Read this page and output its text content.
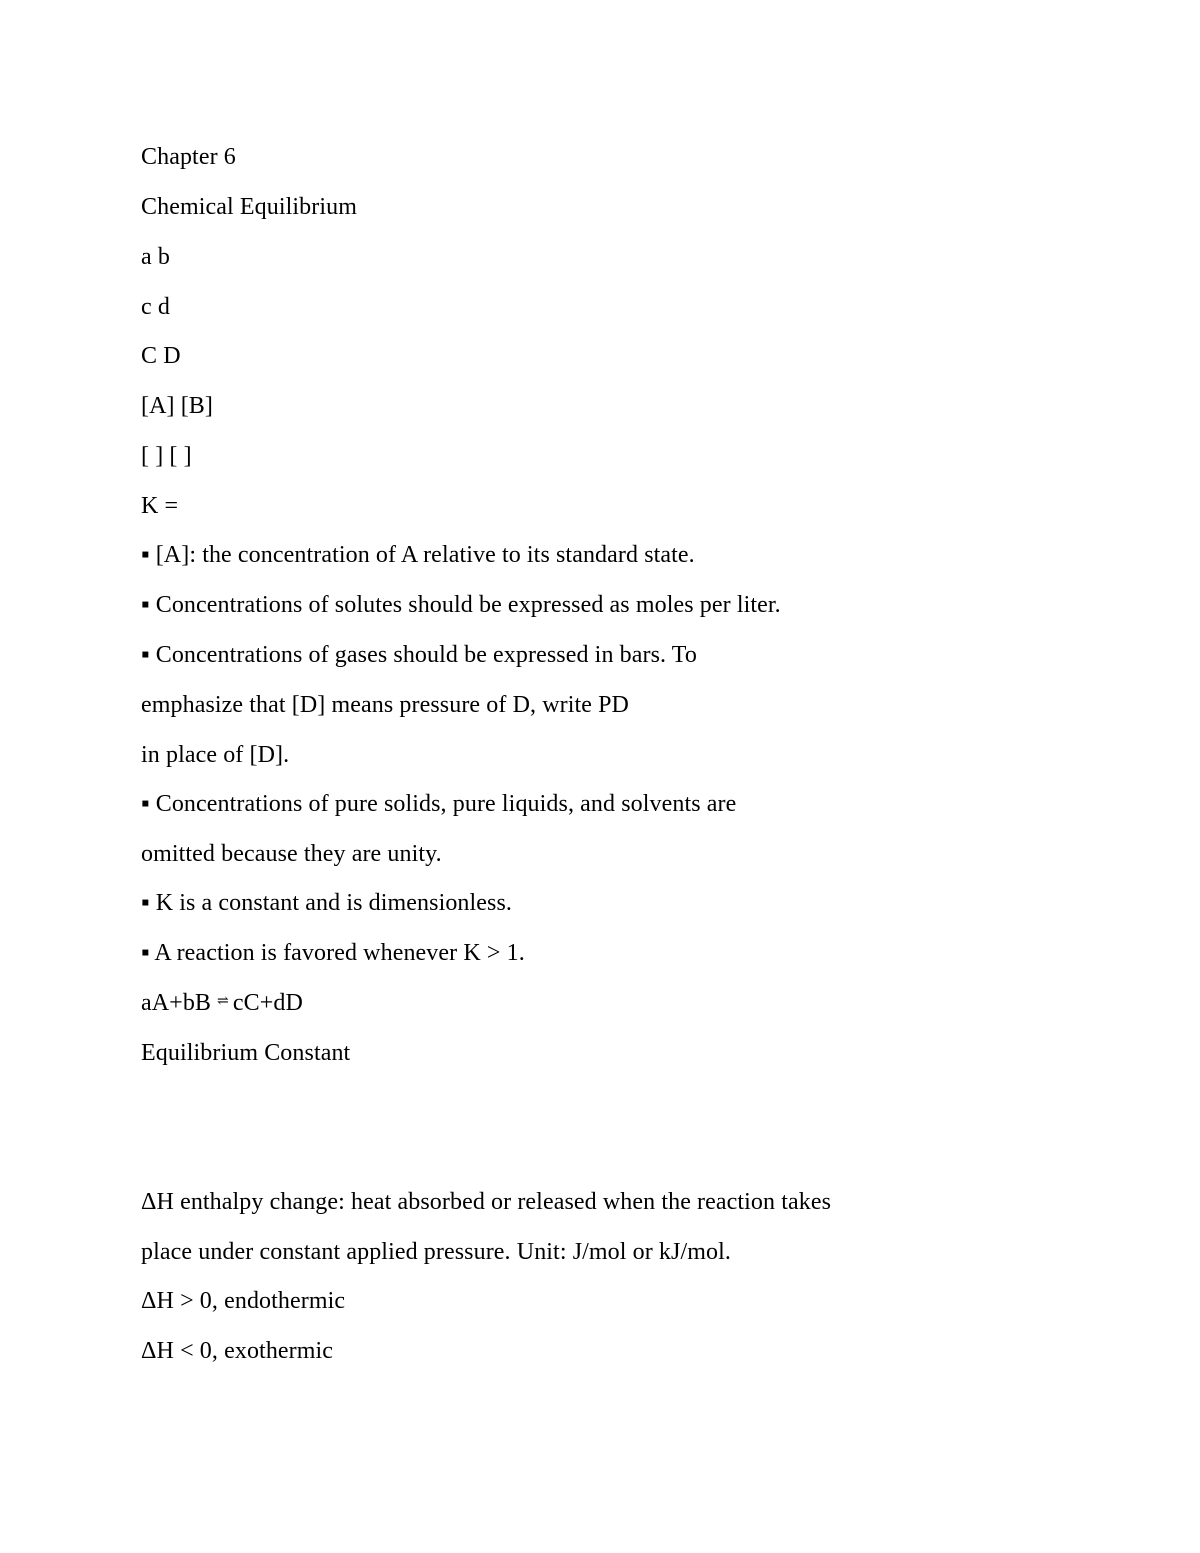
Chapter 6
Chemical Equilibrium
a b
c d
C D
[A] [B]
[ ] [ ]
K =
▪ [A]: the concentration of A relative to its standard state.
▪ Concentrations of solutes should be expressed as moles per liter.
▪ Concentrations of gases should be expressed in bars. To
emphasize that [D] means pressure of D, write PD
in place of [D].
▪ Concentrations of pure solids, pure liquids, and solvents are
omitted because they are unity.
▪ K is a constant and is dimensionless.
▪ A reaction is favored whenever K > 1.
aA+bB ⇌ cC+dD
Equilibrium Constant
ΔH enthalpy change: heat absorbed or released when the reaction takes
place under constant applied pressure. Unit: J/mol or kJ/mol.
ΔH > 0, endothermic
ΔH < 0, exothermic
